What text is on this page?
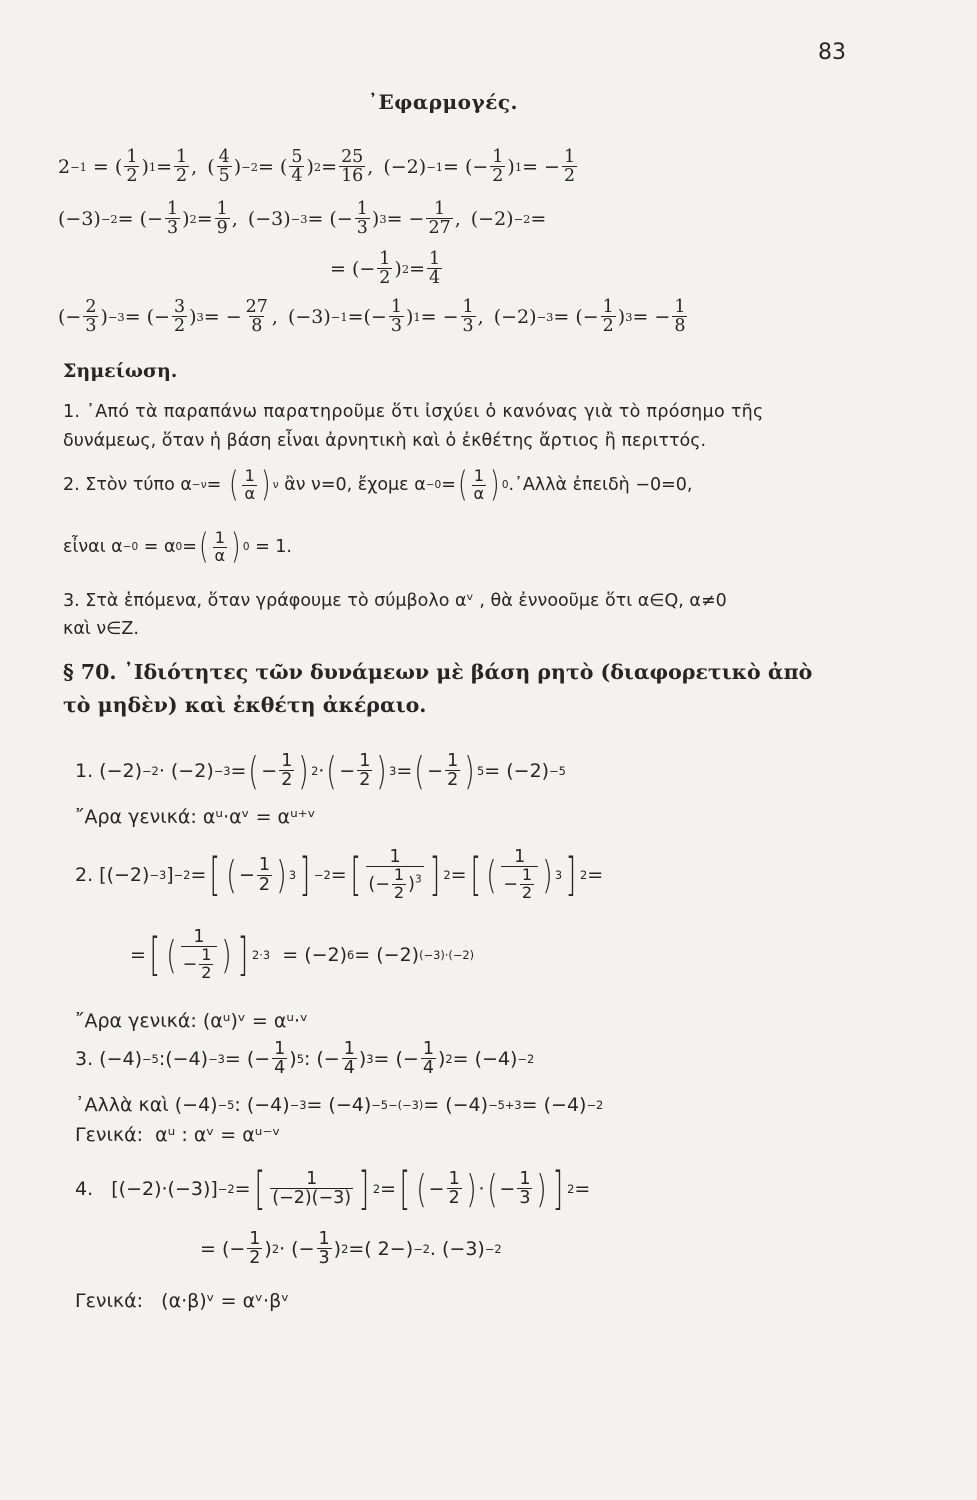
83
᾿Εφαρμογές.
2 −1 = ( 1
2 ) 1 = 1
2 ,
( 4
5 ) −2 = ( 5
4 ) 2 = 25
16 ,
(−2) −1 = (− 1
2 ) 1 = − 1
2
(−3) −2 = (− 1
3 ) 2 = 1
9 ,
(−3) −3 = (− 1
3 ) 3 = − 1
27 ,
(−2) −2 =
= (− 1
2 ) 2 = 1
4
(− 2
3 ) −3 = (− 3
2 ) 3 = − 27
8 ,
(−3) −1 =(− 1
3 ) 1 = − 1
3 ,
(−2) −3 = (− 1
2 ) 3 = − 1
8
Σημείωση.
1. ᾿Από τὰ παραπάνω παρατηροῦμε ὅτι ἰσχύει ὁ κανόνας γιὰ τὸ πρόσημο τῆς
δυνάμεως, ὅταν ἡ βάση εἶναι ἀρνητικὴ καὶ ὁ ἐκθέτης ἄρτιος ἢ περιττός.
2. Στὸν τύπο α −ν = ( 1
α ) ν
ἂν ν=0, ἔχομε α −0 = ( 1
α ) 0 .᾿Αλλὰ ἐπειδὴ −0=0,
εἶναι α −0 = α 0 = ( 1
α ) 0 = 1.
3. Στὰ ἑπόμενα, ὅταν γράφουμε τὸ σύμβολο αᵛ , θὰ ἐννοοῦμε ὅτι α∈Q, α≠0
καὶ ν∈Z.
§ 70. ᾿Ιδιότητες τῶν δυνάμεων μὲ βάση ρητὸ (διαφορετικὸ ἀπὸ τὸ μηδὲν) καὶ ἐκθέτη ἀκέραιο.
1. (−2) −2 · (−2) −3 = ( − 1
2 ) 2 · ( − 1
2 ) 3 = ( − 1
2 ) 5 = (−2) −5
῎Αρα γενικά:
αᵘ·αᵛ = αᵘ⁺ᵛ
2. [(−2) −3 ] −2 = [ ( − 1
2 ) 3 ] −2 = [ 1
(− $\frac{1}{2} )^3$ ] 2 = [ ( 1
− $\frac{1}{2}$ ) 3 ] 2 =
= [ ( 1
− $\frac{1}{2}$ ) ] 2·3 = (−2) 6 = (−2) (−3)·(−2)
῎Αρα γενικά:
(αᵘ)ᵛ = αᵘ·ᵛ
3. (−4) −5 :(−4) −3 = (− 1
4 ) 5 : (− 1
4 ) 3 = (− 1
4 ) 2 = (−4) −2
᾿Αλλὰ καὶ (−4) −5 : (−4) −3 = (−4) −5−(−3) = (−4) −5+3 = (−4) −2
Γενικά:
αᵘ : αᵛ = αᵘ⁻ᵛ
4.   [(−2)·(−3)] −2 = [ 1
(−2)(−3) ] 2 = [ ( − 1
2 ) · ( − 1
3 ) ] 2 =
= (− 1
2 ) 2 · (− 1
3 ) 2 =( 2−) −2 . (−3) −2
Γενικά:
(α·β)ᵛ = αᵛ·βᵛ
